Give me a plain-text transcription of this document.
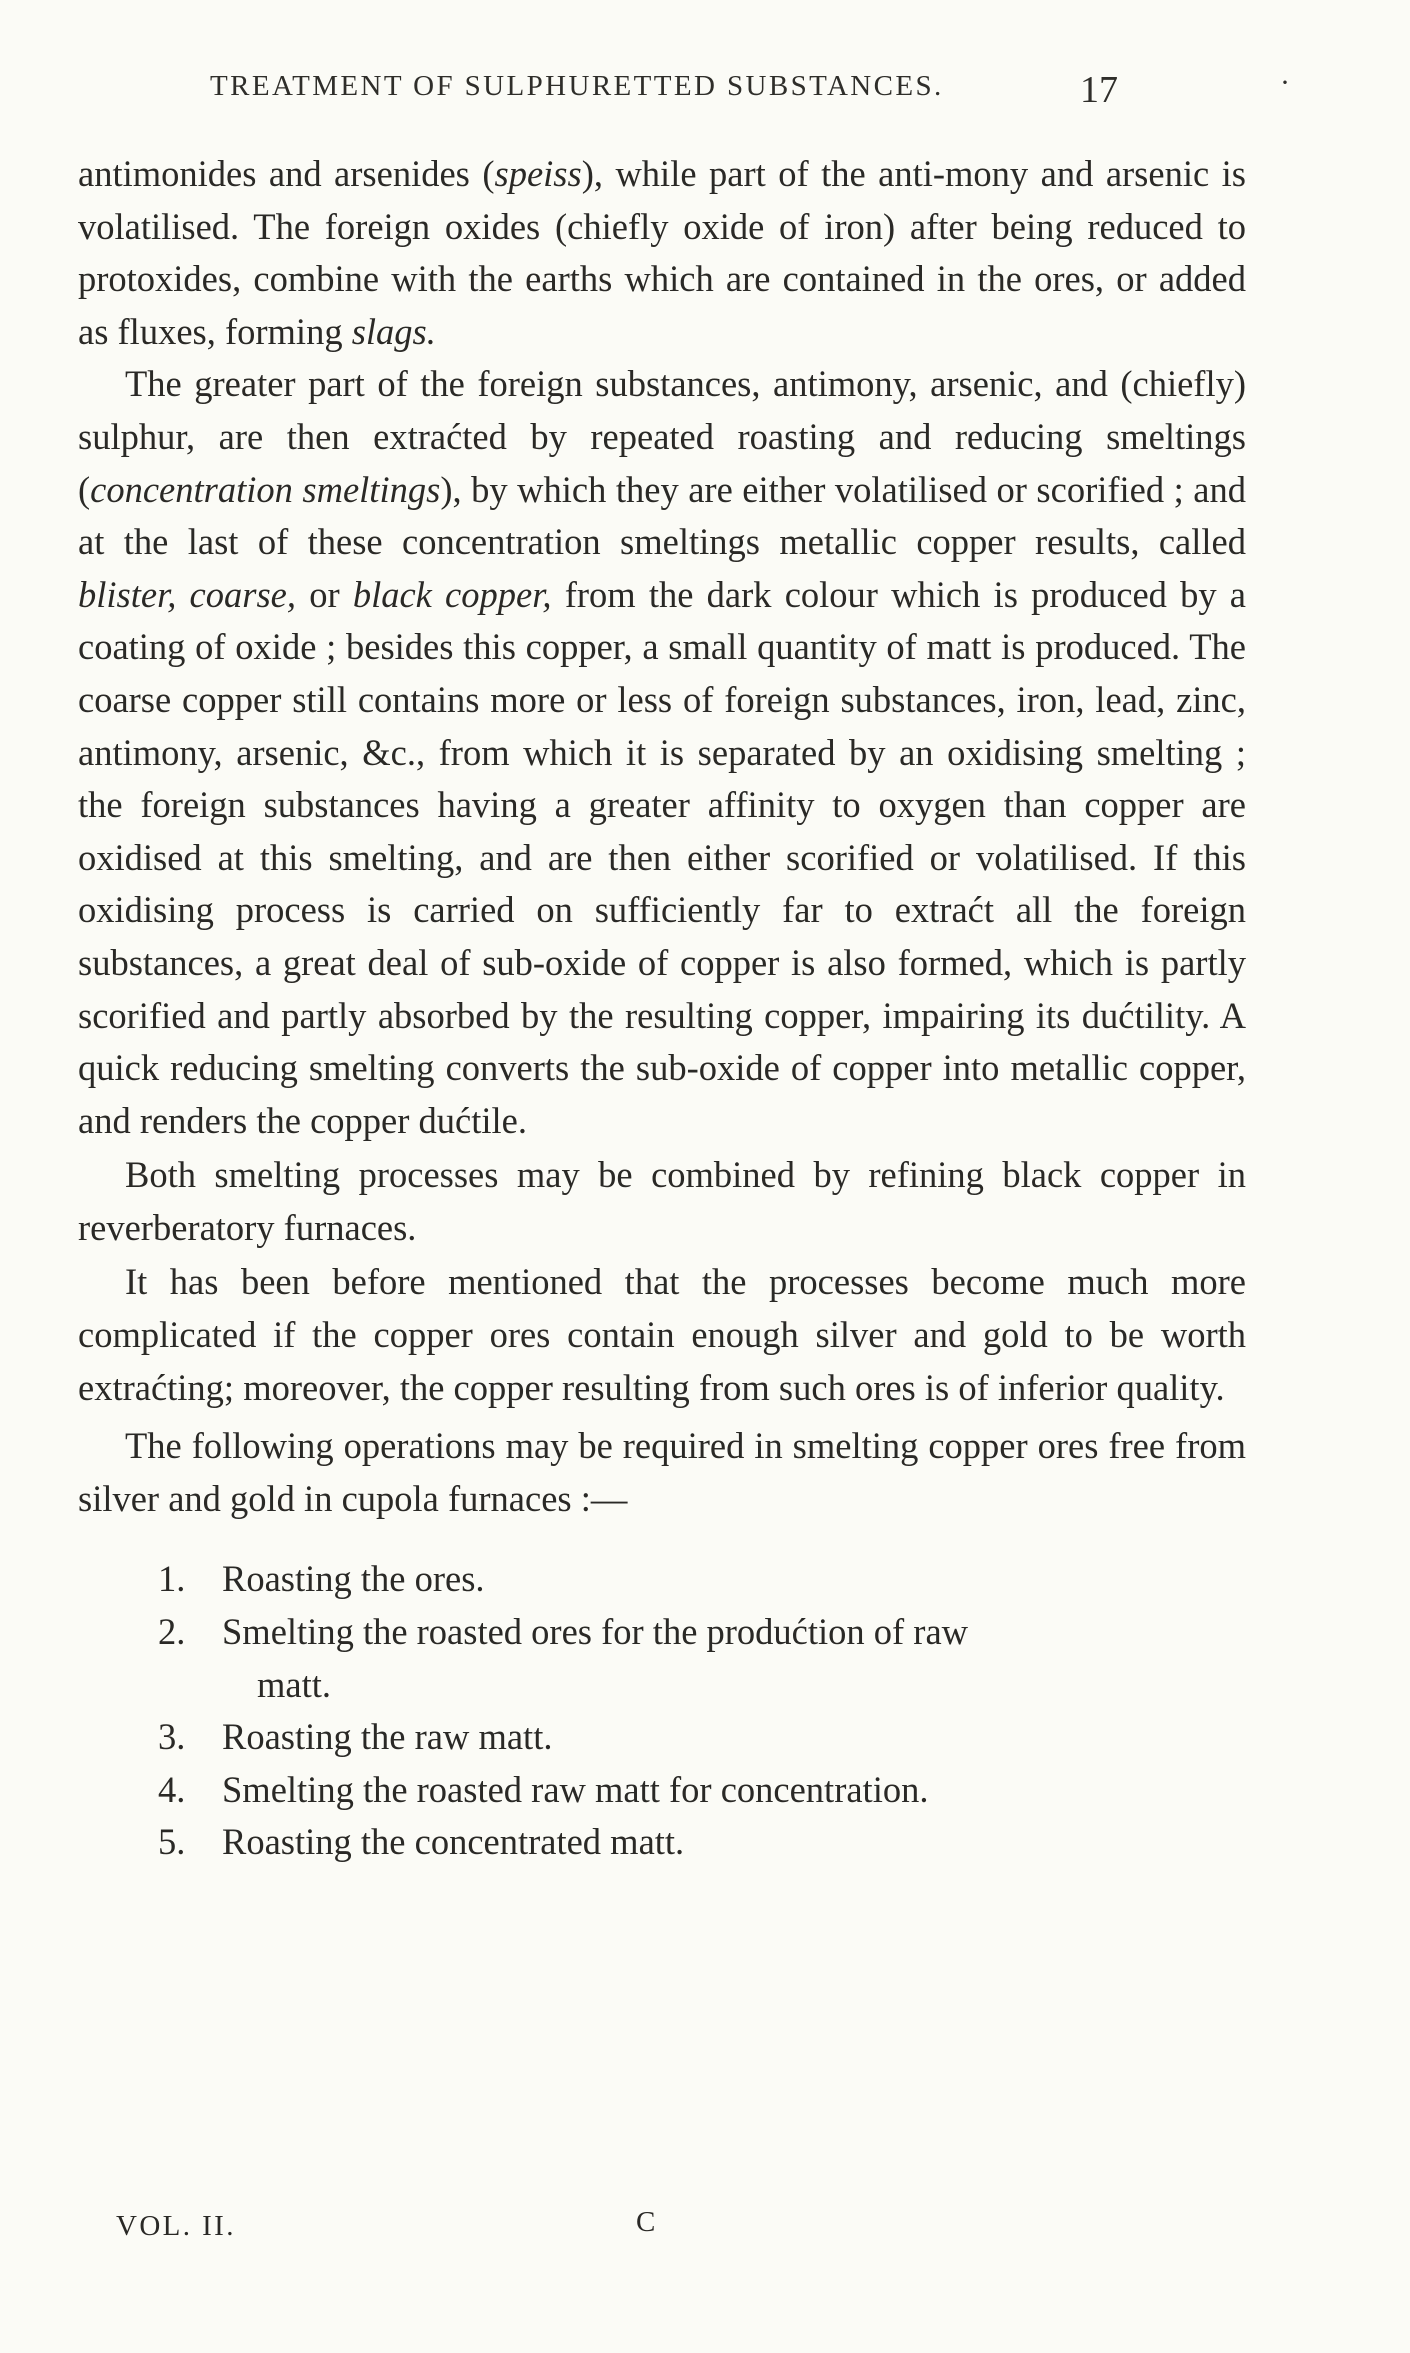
TREATMENT OF SULPHURETTED SUBSTANCES.	17	·

antimonides and arsenides (speiss), while part of the anti-mony and arsenic is volatilised. The foreign oxides (chiefly oxide of iron) after being reduced to protoxides, combine with the earths which are contained in the ores, or added as fluxes, forming slags.

The greater part of the foreign substances, antimony, arsenic, and (chiefly) sulphur, are then extraćted by repeated roasting and reducing smeltings (concentration smeltings), by which they are either volatilised or scorified ; and at the last of these concentration smeltings metallic copper results, called blister, coarse, or black copper, from the dark colour which is produced by a coating of oxide ; besides this copper, a small quantity of matt is produced. The coarse copper still contains more or less of foreign substances, iron, lead, zinc, antimony, arsenic, &c., from which it is separated by an oxidising smelting ; the foreign substances having a greater affinity to oxygen than copper are oxidised at this smelting, and are then either scorified or volatilised. If this oxidising process is carried on sufficiently far to extraćt all the foreign substances, a great deal of sub-oxide of copper is also formed, which is partly scorified and partly absorbed by the resulting copper, impairing its dućtility. A quick reducing smelting converts the sub-oxide of copper into metallic copper, and renders the copper dućtile.

Both smelting processes may be combined by refining black copper in reverberatory furnaces.

It has been before mentioned that the processes become much more complicated if the copper ores contain enough silver and gold to be worth extraćting; moreover, the copper resulting from such ores is of inferior quality.

The following operations may be required in smelting copper ores free from silver and gold in cupola furnaces :—

1. Roasting the ores.
2. Smelting the roasted ores for the produćtion of raw
matt.
3. Roasting the raw matt.
4. Smelting the roasted raw matt for concentration.
5. Roasting the concentrated matt.
VOL. II.	C
